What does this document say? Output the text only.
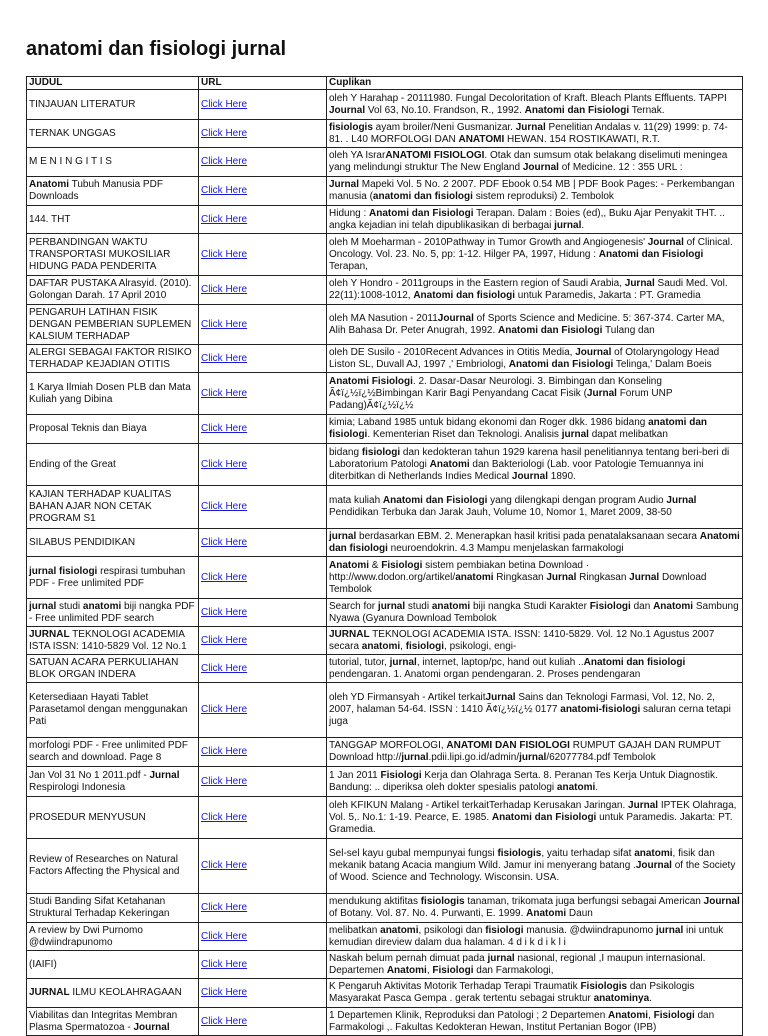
anatomi dan fisiologi jurnal
JUDUL	URL	Cuplikan
TINJAUAN LITERATUR	Click Here	oleh Y Harahap - 20111980. Fungal Decoloritation of Kraft. Bleach Plants Effluents. TAPPI Journal Vol 63, No.10. Frandson, R., 1992. Anatomi dan Fisiologi Ternak.
TERNAK UNGGAS	Click Here	fisiologis ayam broiler/Neni Gusmanizar. Jurnal Penelitian Andalas v. 11(29) 1999: p. 74-81. . L40 MORFOLOGI DAN ANATOMI HEWAN. 154 ROSTIKAWATI, R.T.
M E N I N G I T I S	Click Here	oleh YA IsrarANATOMI FISIOLOGI. Otak dan sumsum otak belakang diselimuti meningea yang melindungi struktur The New England Journal of Medicine. 12 : 355 URL :
Anatomi Tubuh Manusia PDF Downloads	Click Here	Jurnal Mapeki Vol. 5 No. 2 2007. PDF Ebook 0.54 MB | PDF Book Pages: - Perkembangan manusia (anatomi dan fisiologi sistem reproduksi) 2. Tembolok
144. THT	Click Here	Hidung : Anatomi dan Fisiologi Terapan. Dalam : Boies (ed),, Buku Ajar Penyakit THT. .. angka kejadian ini telah dipublikasikan di berbagai jurnal.
PERBANDINGAN WAKTU TRANSPORTASI MUKOSILIAR HIDUNG PADA PENDERITA	Click Here	oleh M Moeharman - 2010Pathway in Tumor Growth and Angiogenesis' Journal of Clinical. Oncology. Vol. 23. No. 5, pp: 1-12. Hilger PA, 1997, Hidung : Anatomi dan Fisiologi Terapan,
DAFTAR PUSTAKA Alrasyid. (2010). Golongan Darah. 17 April 2010	Click Here	oleh Y Hondro - 2011groups in the Eastern region of Saudi Arabia, Jurnal Saudi Med. Vol. 22(11):1008-1012, Anatomi dan fisiologi untuk Paramedis, Jakarta : PT. Gramedia
PENGARUH LATIHAN FISIK DENGAN PEMBERIAN SUPLEMEN KALSIUM TERHADAP	Click Here	oleh MA Nasution - 2011Journal of Sports Science and Medicine. 5: 367-374. Carter MA, Alih Bahasa Dr. Peter Anugrah, 1992. Anatomi dan Fisiologi Tulang dan
ALERGI SEBAGAI FAKTOR RISIKO TERHADAP KEJADIAN OTITIS	Click Here	oleh DE Susilo - 2010Recent Advances in Otitis Media, Journal of Otolaryngology Head Liston SL, Duvall AJ, 1997 ,' Embriologi, Anatomi dan Fisiologi Telinga,' Dalam Boeis
1 Karya Ilmiah Dosen PLB dan Mata Kuliah yang Dibina	Click Here	Anatomi Fisiologi. 2. Dasar-Dasar Neurologi. 3. Bimbingan dan Konseling Ã¢ï¿½ï¿½Bimbingan Karir Bagi Penyandang Cacat Fisik (Jurnal Forum UNP Padang)Ã¢ï¿½ï¿½
Proposal Teknis dan Biaya	Click Here	kimia; Laband 1985 untuk bidang ekonomi dan Roger dkk. 1986 bidang anatomi dan fisiologi. Kementerian Riset dan Teknologi. Analisis jurnal dapat melibatkan
Ending of the Great	Click Here	bidang fisiologi dan kedokteran tahun 1929 karena hasil penelitiannya tentang beri-beri di Laboratorium Patologi Anatomi dan Bakteriologi (Lab. voor Patologie Temuannya ini diterbitkan di Netherlands Indies Medical Journal 1890.
KAJIAN TERHADAP KUALITAS BAHAN AJAR NON CETAK PROGRAM S1	Click Here	mata kuliah Anatomi dan Fisiologi yang dilengkapi dengan program Audio Jurnal Pendidikan Terbuka dan Jarak Jauh, Volume 10, Nomor 1, Maret 2009, 38-50
SILABUS PENDIDIKAN	Click Here	jurnal berdasarkan EBM. 2. Menerapkan hasil kritisi pada penatalaksanaan secara Anatomi dan fisiologi neuroendokrin. 4.3 Mampu menjelaskan farmakologi
jurnal fisiologi respirasi tumbuhan PDF - Free unlimited PDF	Click Here	Anatomi & Fisiologi sistem pembiakan betina Download · http://www.dodon.org/artikel/anatomi Ringkasan Jurnal Ringkasan Jurnal Download Tembolok
jurnal studi anatomi biji nangka PDF - Free unlimited PDF search	Click Here	Search for jurnal studi anatomi biji nangka Studi Karakter Fisiologi dan Anatomi Sambung Nyawa (Gyanura Download Tembolok
JURNAL TEKNOLOGI ACADEMIA ISTA ISSN: 1410-5829 Vol. 12 No.1	Click Here	JURNAL TEKNOLOGI ACADEMIA ISTA. ISSN: 1410-5829. Vol. 12 No.1 Agustus 2007 secara anatomi, fisiologi, psikologi, engi-
SATUAN ACARA PERKULIAHAN BLOK ORGAN INDERA	Click Here	tutorial, tutor, jurnal, internet, laptop/pc, hand out kuliah ..Anatomi dan fisiologi pendengaran. 1. Anatomi organ pendengaran. 2. Proses pendengaran
Ketersediaan Hayati Tablet Parasetamol dengan menggunakan Pati	Click Here	oleh YD Firmansyah - Artikel terkaitJurnal Sains dan Teknologi Farmasi, Vol. 12, No. 2, 2007, halaman 54-64. ISSN : 1410 Ã¢ï¿½ï¿½ 0177 anatomi-fisiologi saluran cerna tetapi juga
morfologi PDF - Free unlimited PDF search and download. Page 8	Click Here	TANGGAP MORFOLOGI, ANATOMI DAN FISIOLOGI RUMPUT GAJAH DAN RUMPUT Download http://jurnal.pdii.lipi.go.id/admin/jurnal/62077784.pdf Tembolok
Jan Vol 31 No 1 2011.pdf - Jurnal Respirologi Indonesia	Click Here	1 Jan 2011 Fisiologi Kerja dan Olahraga Serta. 8. Peranan Tes Kerja Untuk Diagnostik. Bandung: .. diperiksa oleh dokter spesialis patologi anatomi.
PROSEDUR MENYUSUN	Click Here	oleh KFIKUN Malang - Artikel terkaitTerhadap Kerusakan Jaringan. Jurnal IPTEK Olahraga, Vol. 5,. No.1: 1-19. Pearce, E. 1985. Anatomi dan Fisiologi untuk Paramedis. Jakarta: PT. Gramedia.
Review of Researches on Natural Factors Affecting the Physical and	Click Here	Sel-sel kayu gubal mempunyai fungsi fisiologis, yaitu terhadap sifat anatomi, fisik dan mekanik batang Acacia mangium Wild. Jamur ini menyerang batang .Journal of the Society of Wood. Science and Technology. Wisconsin. USA.
Studi Banding Sifat Ketahanan Struktural Terhadap Kekeringan	Click Here	mendukung aktifitas fisiologis tanaman, trikomata juga berfungsi sebagai American Journal of Botany. Vol. 87. No. 4. Purwanti, E. 1999. Anatomi Daun
A review by Dwi Purnomo @dwiindrapunomo	Click Here	melibatkan anatomi, psikologi dan fisiologi manusia. @dwiindrapunomo jurnal ini untuk kemudian direview dalam dua halaman. 4 d i k d i k l i
(IAIFI)	Click Here	Naskah belum pernah dimuat pada jurnal nasional, regional ,I maupun internasional. Departemen Anatomi, Fisiologi dan Farmakologi,
JURNAL ILMU KEOLAHRAGAAN	Click Here	K Pengaruh Aktivitas Motorik Terhadap Terapi Traumatik Fisiologis dan Psikologis Masyarakat Pasca Gempa . gerak tertentu sebagai struktur anatominya.
Viabilitas dan Integritas Membran Plasma Spermatozoa - Journal	Click Here	1 Departemen Klinik, Reproduksi dan Patologi ; 2 Departemen Anatomi, Fisiologi dan Farmakologi ,. Fakultas Kedokteran Hewan, Institut Pertanian Bogor (IPB)
